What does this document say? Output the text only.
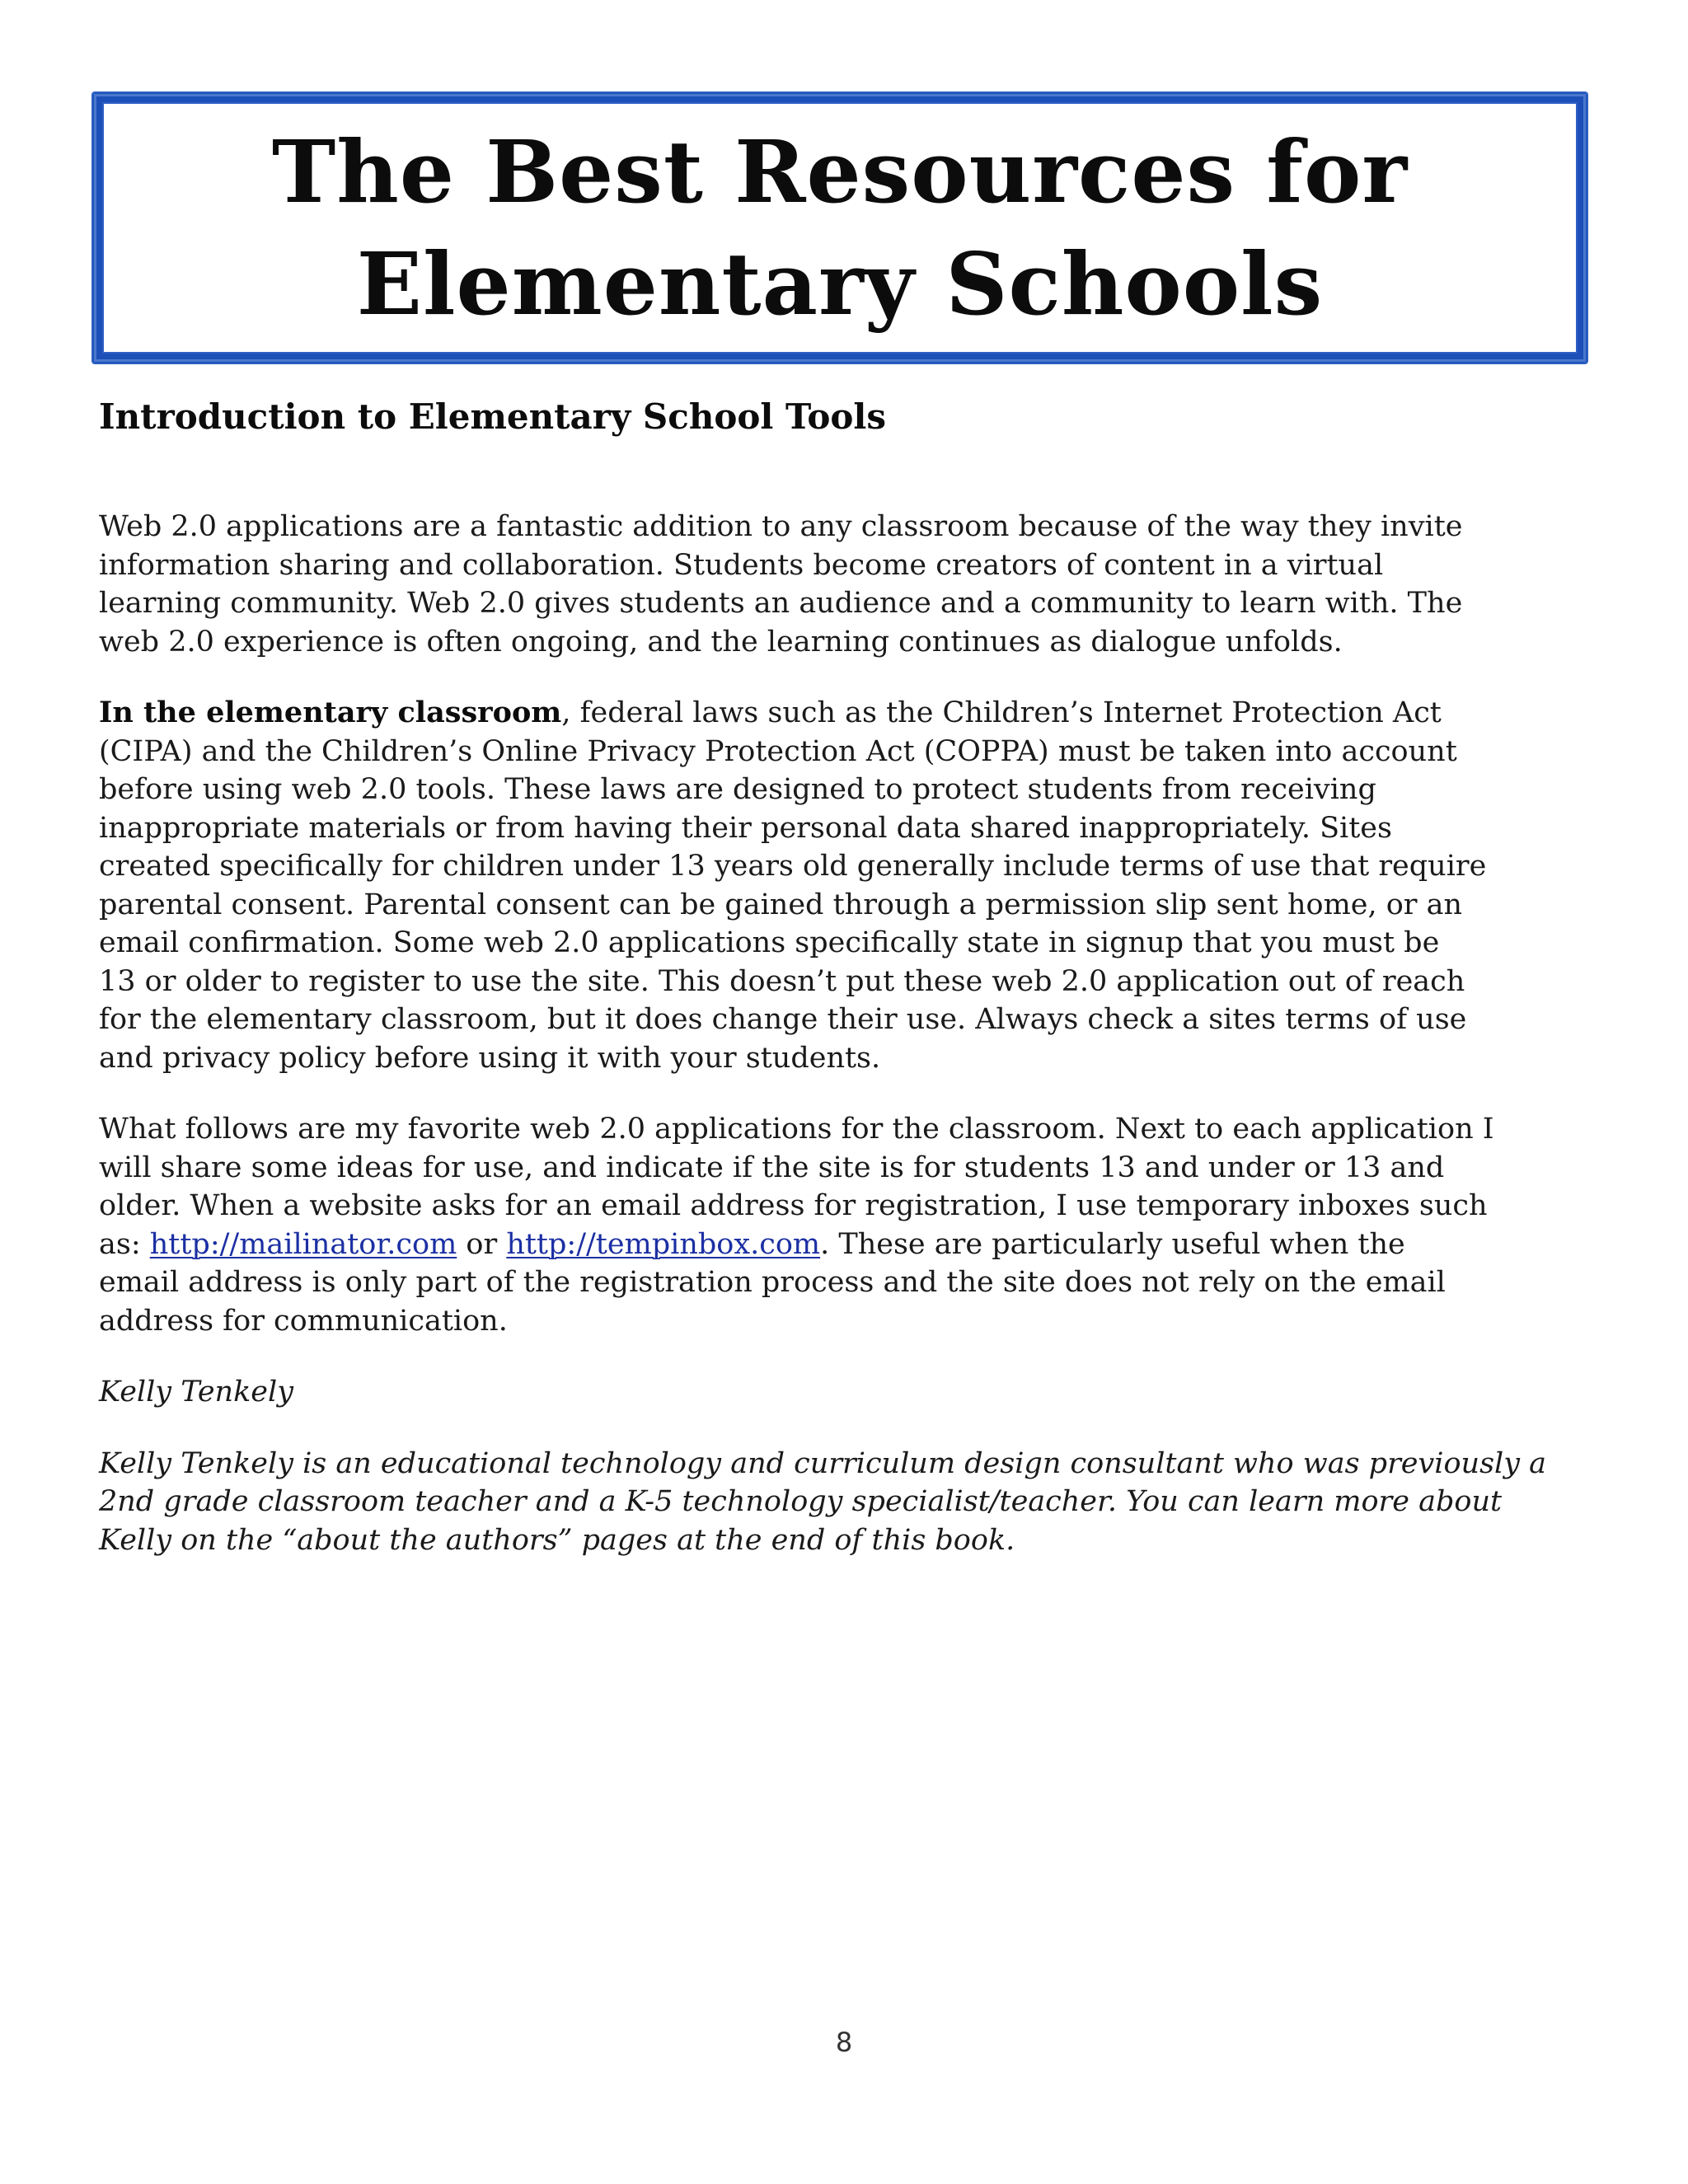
The Best Resources for
Elementary Schools
Introduction to Elementary School Tools

Web 2.0 applications are a fantastic addition to any classroom because of the way they invite
information sharing and collaboration. Students become creators of content in a virtual
learning community. Web 2.0 gives students an audience and a community to learn with. The
web 2.0 experience is often ongoing, and the learning continues as dialogue unfolds.

In the elementary classroom, federal laws such as the Children’s Internet Protection Act
(CIPA) and the Children’s Online Privacy Protection Act (COPPA) must be taken into account
before using web 2.0 tools. These laws are designed to protect students from receiving
inappropriate materials or from having their personal data shared inappropriately. Sites
created specifically for children under 13 years old generally include terms of use that require
parental consent. Parental consent can be gained through a permission slip sent home, or an
email confirmation. Some web 2.0 applications specifically state in signup that you must be
13 or older to register to use the site. This doesn’t put these web 2.0 application out of reach
for the elementary classroom, but it does change their use. Always check a sites terms of use
and privacy policy before using it with your students.

What follows are my favorite web 2.0 applications for the classroom. Next to each application I
will share some ideas for use, and indicate if the site is for students 13 and under or 13 and
older. When a website asks for an email address for registration, I use temporary inboxes such
as: http://mailinator.com or http://tempinbox.com. These are particularly useful when the
email address is only part of the registration process and the site does not rely on the email
address for communication.

Kelly Tenkely

Kelly Tenkely is an educational technology and curriculum design consultant who was previously a
2nd grade classroom teacher and a K-5 technology specialist/teacher. You can learn more about
Kelly on the “about the authors” pages at the end of this book.

8
